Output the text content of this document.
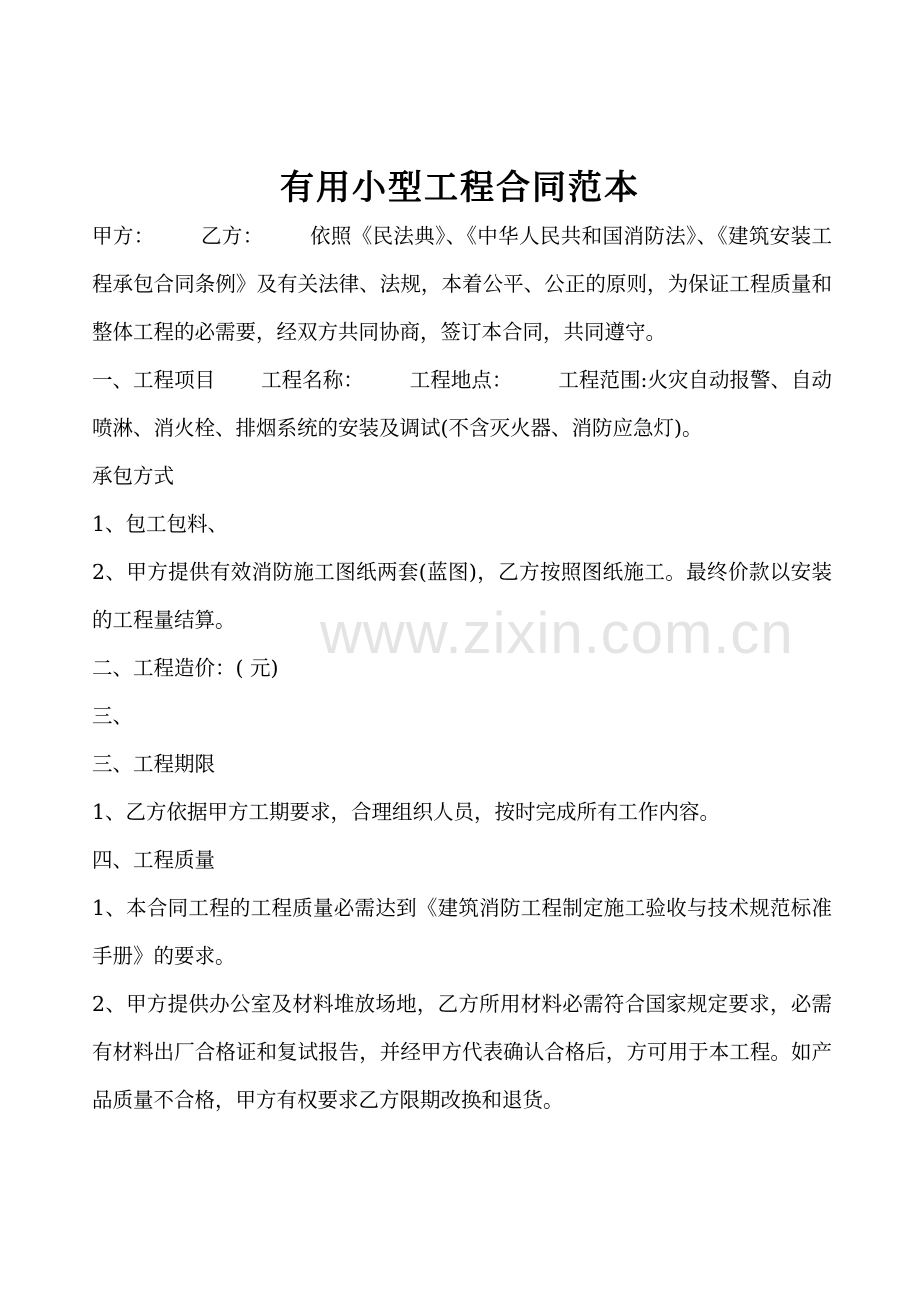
www.zixin.com.cn
有用小型工程合同范本

甲方： 乙方： 依照《民法典》、《中华人民共和国消防法》、《建筑安装工程承包合同条例》及有关法律、法规，本着公平、公正的原则，为保证工程质量和整体工程的必需要，经双方共同协商，签订本合同，共同遵守。

一、工程项目 工程名称： 工程地点： 工程范围:火灾自动报警、自动喷淋、消火栓、排烟系统的安装及调试(不含灭火器、消防应急灯)。

承包方式

1、包工包料、

2、甲方提供有效消防施工图纸两套(蓝图)，乙方按照图纸施工。最终价款以安装的工程量结算。

二、工程造价：( 元)

三、

三、工程期限

1、乙方依据甲方工期要求，合理组织人员，按时完成所有工作内容。

四、工程质量

1、本合同工程的工程质量必需达到《建筑消防工程制定施工验收与技术规范标准手册》的要求。

2、甲方提供办公室及材料堆放场地，乙方所用材料必需符合国家规定要求，必需有材料出厂合格证和复试报告，并经甲方代表确认合格后，方可用于本工程。如产品质量不合格，甲方有权要求乙方限期改换和退货。
